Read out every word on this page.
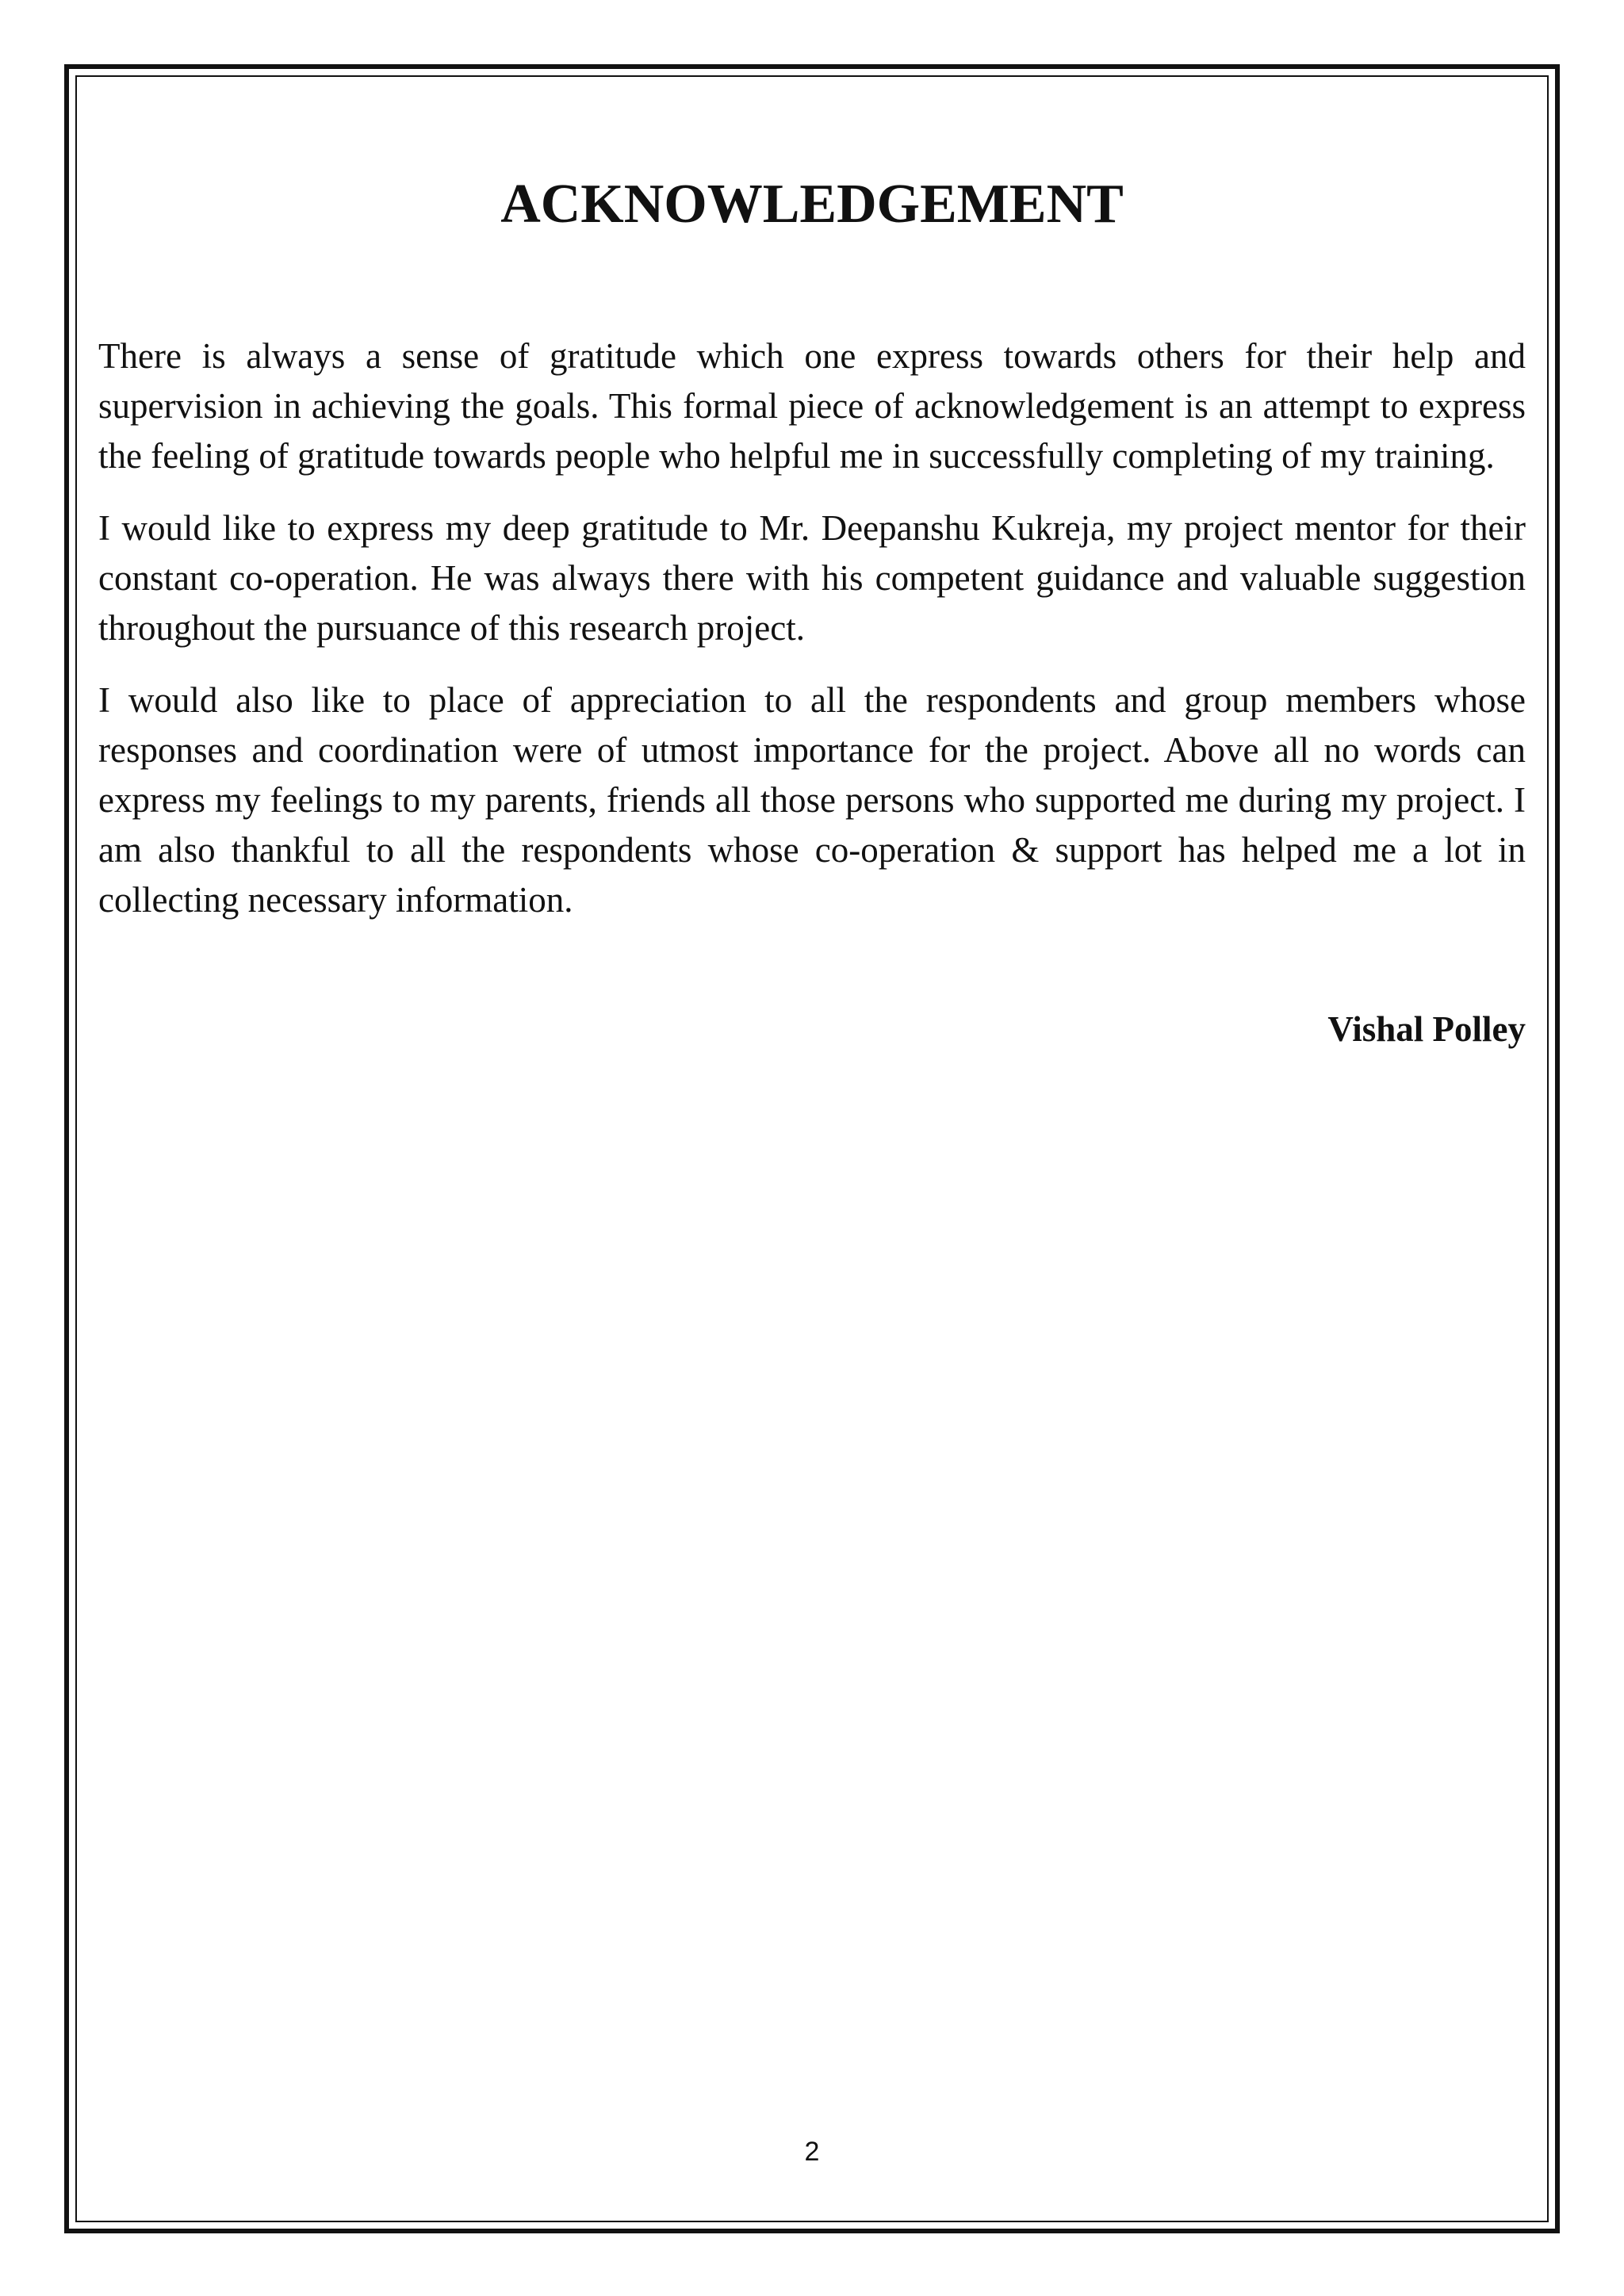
ACKNOWLEDGEMENT

There is always a sense of gratitude which one express towards others for their help and supervision in achieving the goals. This formal piece of acknowledgement is an attempt to express the feeling of gratitude towards people who helpful me in successfully completing of my training.

I would like to express my deep gratitude to Mr. Deepanshu Kukreja, my project mentor for their constant co-operation. He was always there with his competent guidance and valuable suggestion throughout the pursuance of this research project.

I would also like to place of appreciation to all the respondents and group members whose responses and coordination were of utmost importance for the project. Above all no words can express my feelings to my parents, friends all those persons who supported me during my project. I am also thankful to all the respondents whose co-operation & support has helped me a lot in collecting necessary information.

Vishal Polley
2
